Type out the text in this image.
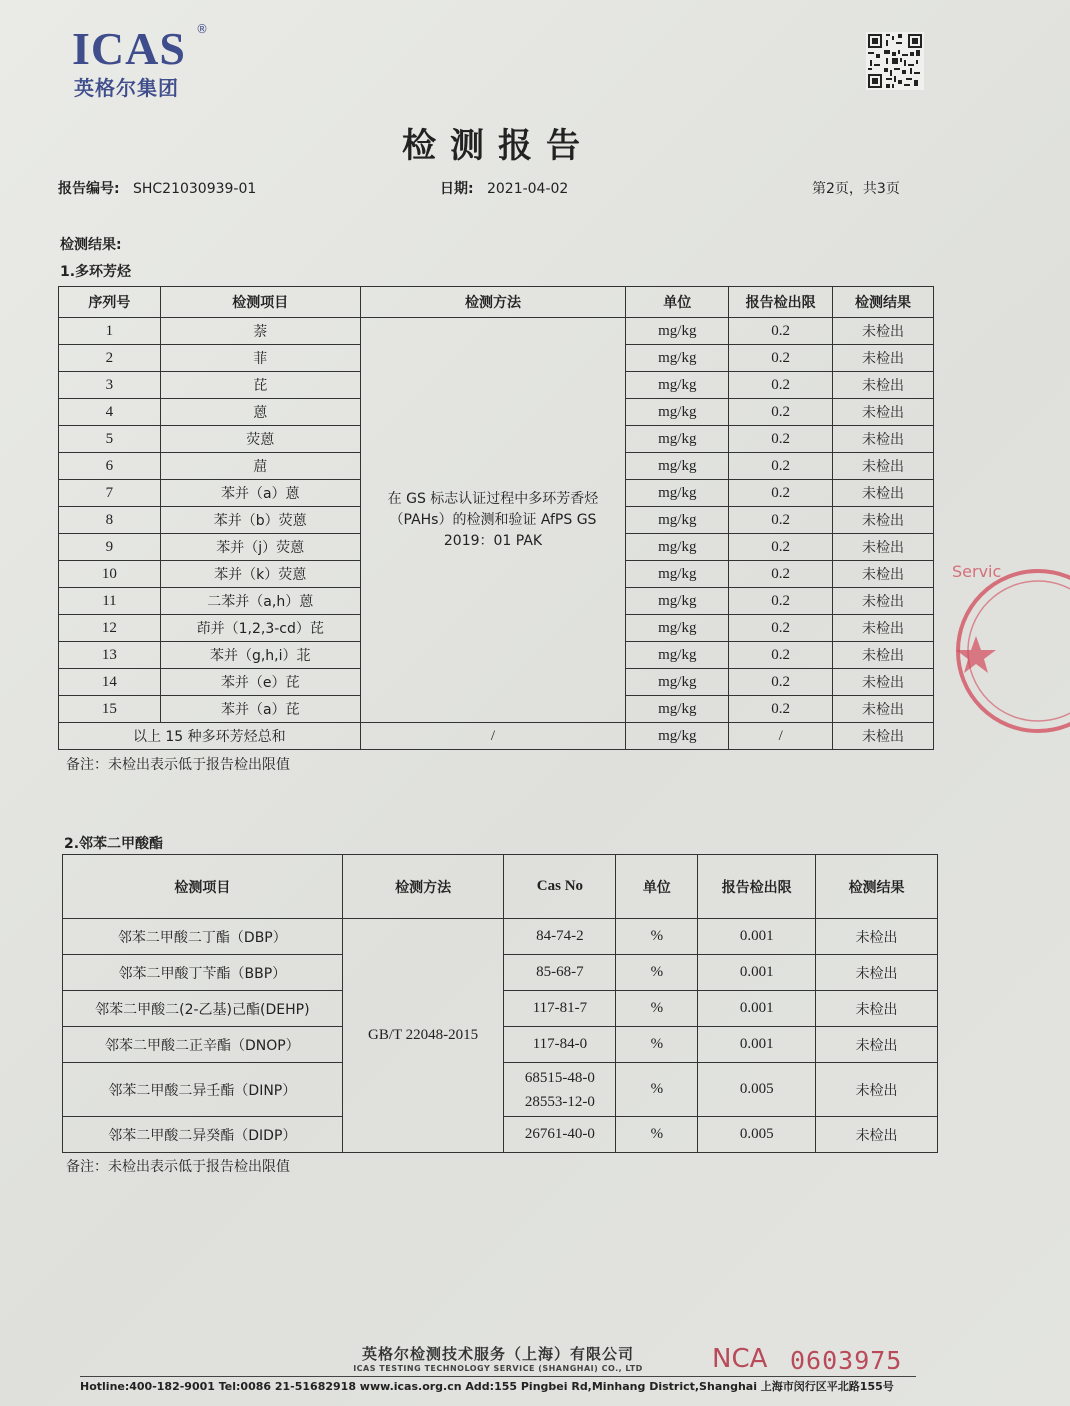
ICAS ®
英格尔集团
检测报告
报告编号: SHC21030939-01	日期: 2021-04-02	第2页，共3页
检测结果:
1.多环芳烃
序列号	检测项目	检测方法	单位	报告检出限	检测结果
1	萘	在 GS 标志认证过程中多环芳香烃（PAHs）的检测和验证 AfPS GS 2019：01 PAK	mg/kg	0.2	未检出
2	菲		mg/kg	0.2	未检出
3	芘		mg/kg	0.2	未检出
4	蒽		mg/kg	0.2	未检出
5	荧蒽		mg/kg	0.2	未检出
6	䓛		mg/kg	0.2	未检出
7	苯并（a）蒽		mg/kg	0.2	未检出
8	苯并（b）荧蒽		mg/kg	0.2	未检出
9	苯并（j）荧蒽		mg/kg	0.2	未检出
10	苯并（k）荧蒽		mg/kg	0.2	未检出
11	二苯并（a,h）蒽		mg/kg	0.2	未检出
12	茚并（1,2,3-cd）芘		mg/kg	0.2	未检出
13	苯并（g,h,i）苝		mg/kg	0.2	未检出
14	苯并（e）芘		mg/kg	0.2	未检出
15	苯并（a）芘		mg/kg	0.2	未检出
以上 15 种多环芳烃总和		/	mg/kg	/	未检出
备注：未检出表示低于报告检出限值
2.邻苯二甲酸酯
检测项目	检测方法	Cas No	单位	报告检出限	检测结果
邻苯二甲酸二丁酯（DBP）	GB/T 22048-2015	84-74-2	%	0.001	未检出
邻苯二甲酸丁苄酯（BBP）		85-68-7	%	0.001	未检出
邻苯二甲酸二(2-乙基)己酯(DEHP)		117-81-7	%	0.001	未检出
邻苯二甲酸二正辛酯（DNOP）		117-84-0	%	0.001	未检出
邻苯二甲酸二异壬酯（DINP）		68515-48-0
28553-12-0	%	0.005	未检出
邻苯二甲酸二异癸酯（DIDP）		26761-40-0	%	0.005	未检出
备注：未检出表示低于报告检出限值
Servic
英格尔检测技术服务（上海）有限公司
ICAS TESTING TECHNOLOGY SERVICE (SHANGHAI) CO., LTD
Hotline:400-182-9001 Tel:0086 21-51682918 www.icas.org.cn Add:155 Pingbei Rd,Minhang District,Shanghai 上海市闵行区平北路155号
NCA 0603975
